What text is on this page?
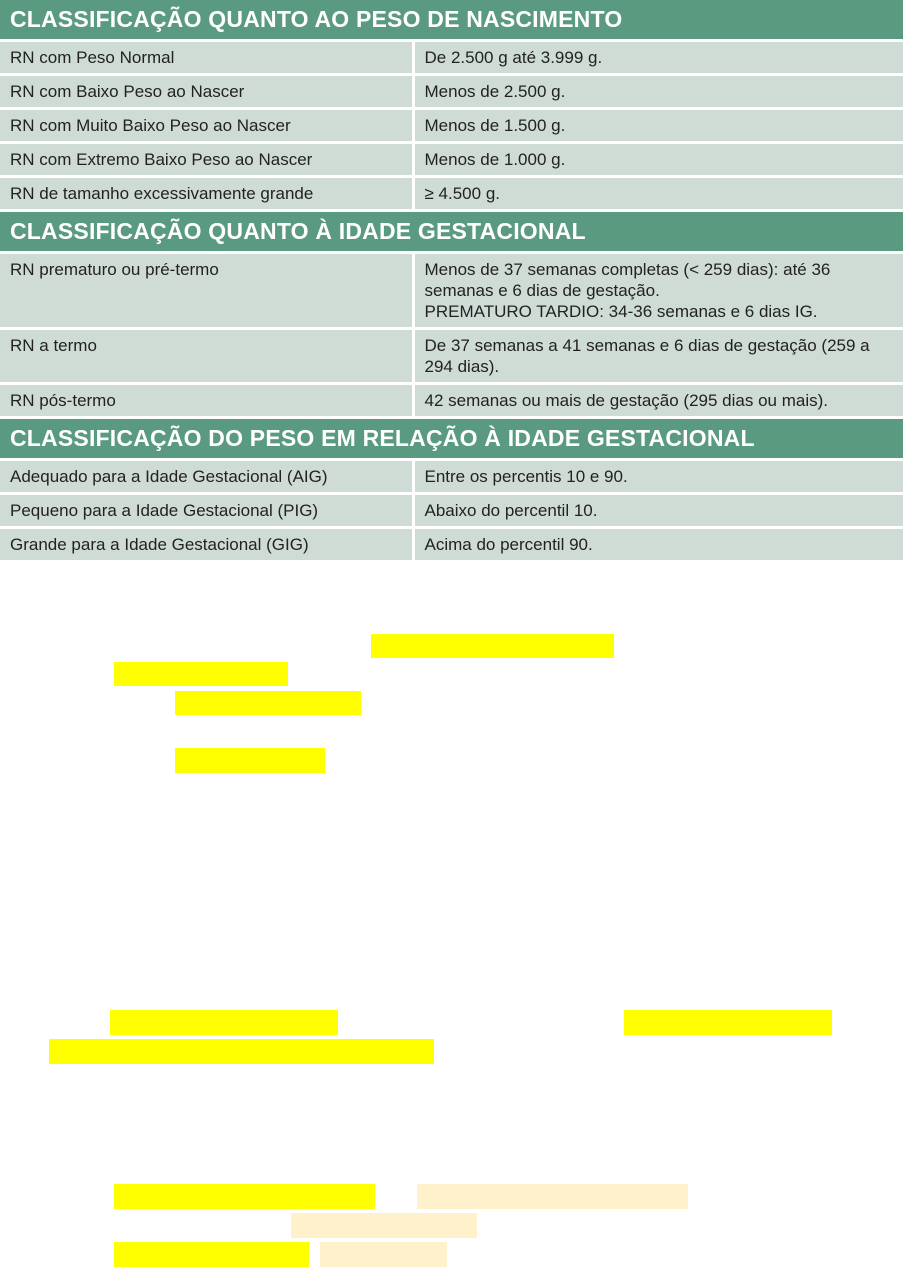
CLASSIFICAÇÃO QUANTO AO PESO DE NASCIMENTO	
RN com Peso Normal	De 2.500 g até 3.999 g.
RN com Baixo Peso ao Nascer	Menos de 2.500 g.
RN com Muito Baixo Peso ao Nascer	Menos de 1.500 g.
RN com Extremo Baixo Peso ao Nascer	Menos de 1.000 g.
RN de tamanho excessivamente grande	≥ 4.500 g.
CLASSIFICAÇÃO QUANTO À IDADE GESTACIONAL	
RN prematuro ou pré-termo	Menos de 37 semanas completas (< 259 dias): até 36 semanas e 6 dias de gestação.
PREMATURO TARDIO: 34-36 semanas e 6 dias IG.

RN a termo	De 37 semanas a 41 semanas e 6 dias de gestação (259 a 294 dias).
RN pós-termo	42 semanas ou mais de gestação (295 dias ou mais).
CLASSIFICAÇÃO DO PESO EM RELAÇÃO À IDADE GESTACIONAL	
Adequado para a Idade Gestacional (AIG)	Entre os percentis 10 e 90.
Pequeno para a Idade Gestacional (PIG)	Abaixo do percentil 10.
Grande para a Idade Gestacional (GIG)	Acima do percentil 90.
